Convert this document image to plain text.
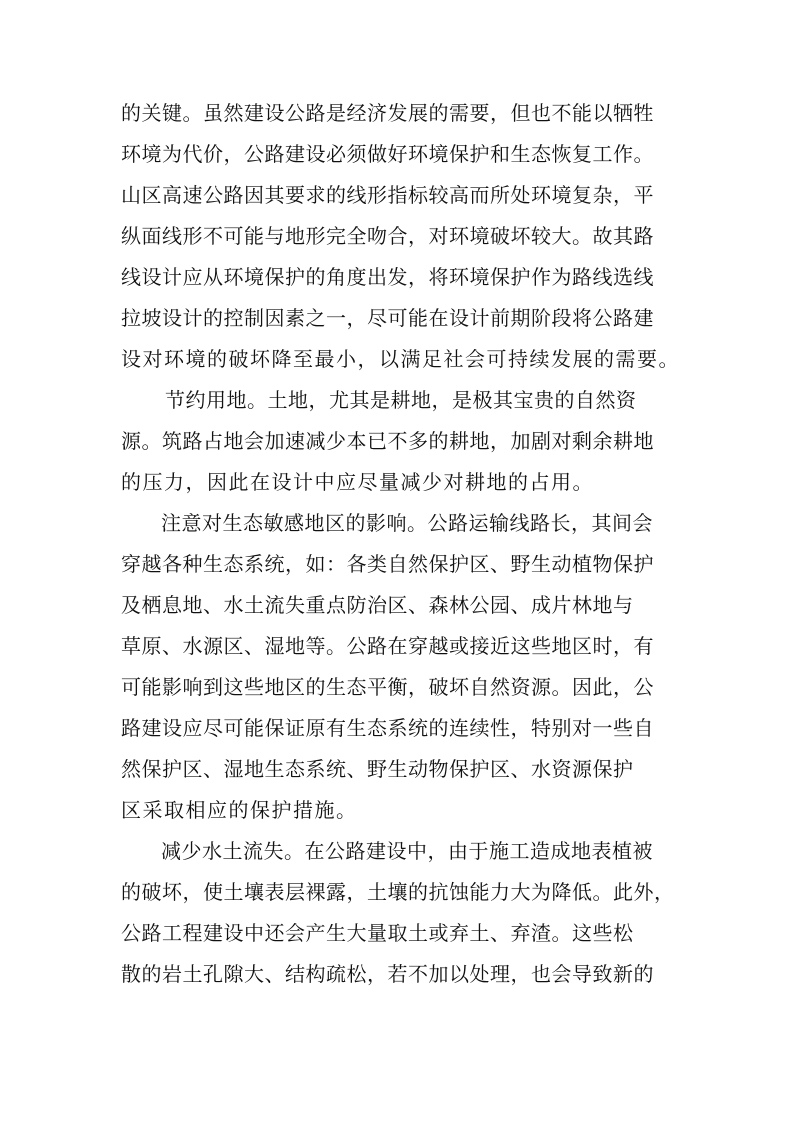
的关键。虽然建设公路是经济发展的需要，但也不能以牺牲
环境为代价，公路建设必须做好环境保护和生态恢复工作。
山区高速公路因其要求的线形指标较高而所处环境复杂，平
纵面线形不可能与地形完全吻合，对环境破坏较大。故其路
线设计应从环境保护的角度出发，将环境保护作为路线选线
拉坡设计的控制因素之一，尽可能在设计前期阶段将公路建
设对环境的破坏降至最小，以满足社会可持续发展的需要。
节约用地。土地，尤其是耕地，是极其宝贵的自然资
源。筑路占地会加速减少本已不多的耕地，加剧对剩余耕地
的压力，因此在设计中应尽量减少对耕地的占用。
注意对生态敏感地区的影响。公路运输线路长，其间会
穿越各种生态系统，如：各类自然保护区、野生动植物保护
及栖息地、水土流失重点防治区、森林公园、成片林地与
草原、水源区、湿地等。公路在穿越或接近这些地区时，有
可能影响到这些地区的生态平衡，破坏自然资源。因此，公
路建设应尽可能保证原有生态系统的连续性，特别对一些自
然保护区、湿地生态系统、野生动物保护区、水资源保护
区采取相应的保护措施。
减少水土流失。在公路建设中，由于施工造成地表植被
的破坏，使土壤表层裸露，土壤的抗蚀能力大为降低。此外，
公路工程建设中还会产生大量取土或弃土、弃渣。这些松
散的岩土孔隙大、结构疏松，若不加以处理，也会导致新的
